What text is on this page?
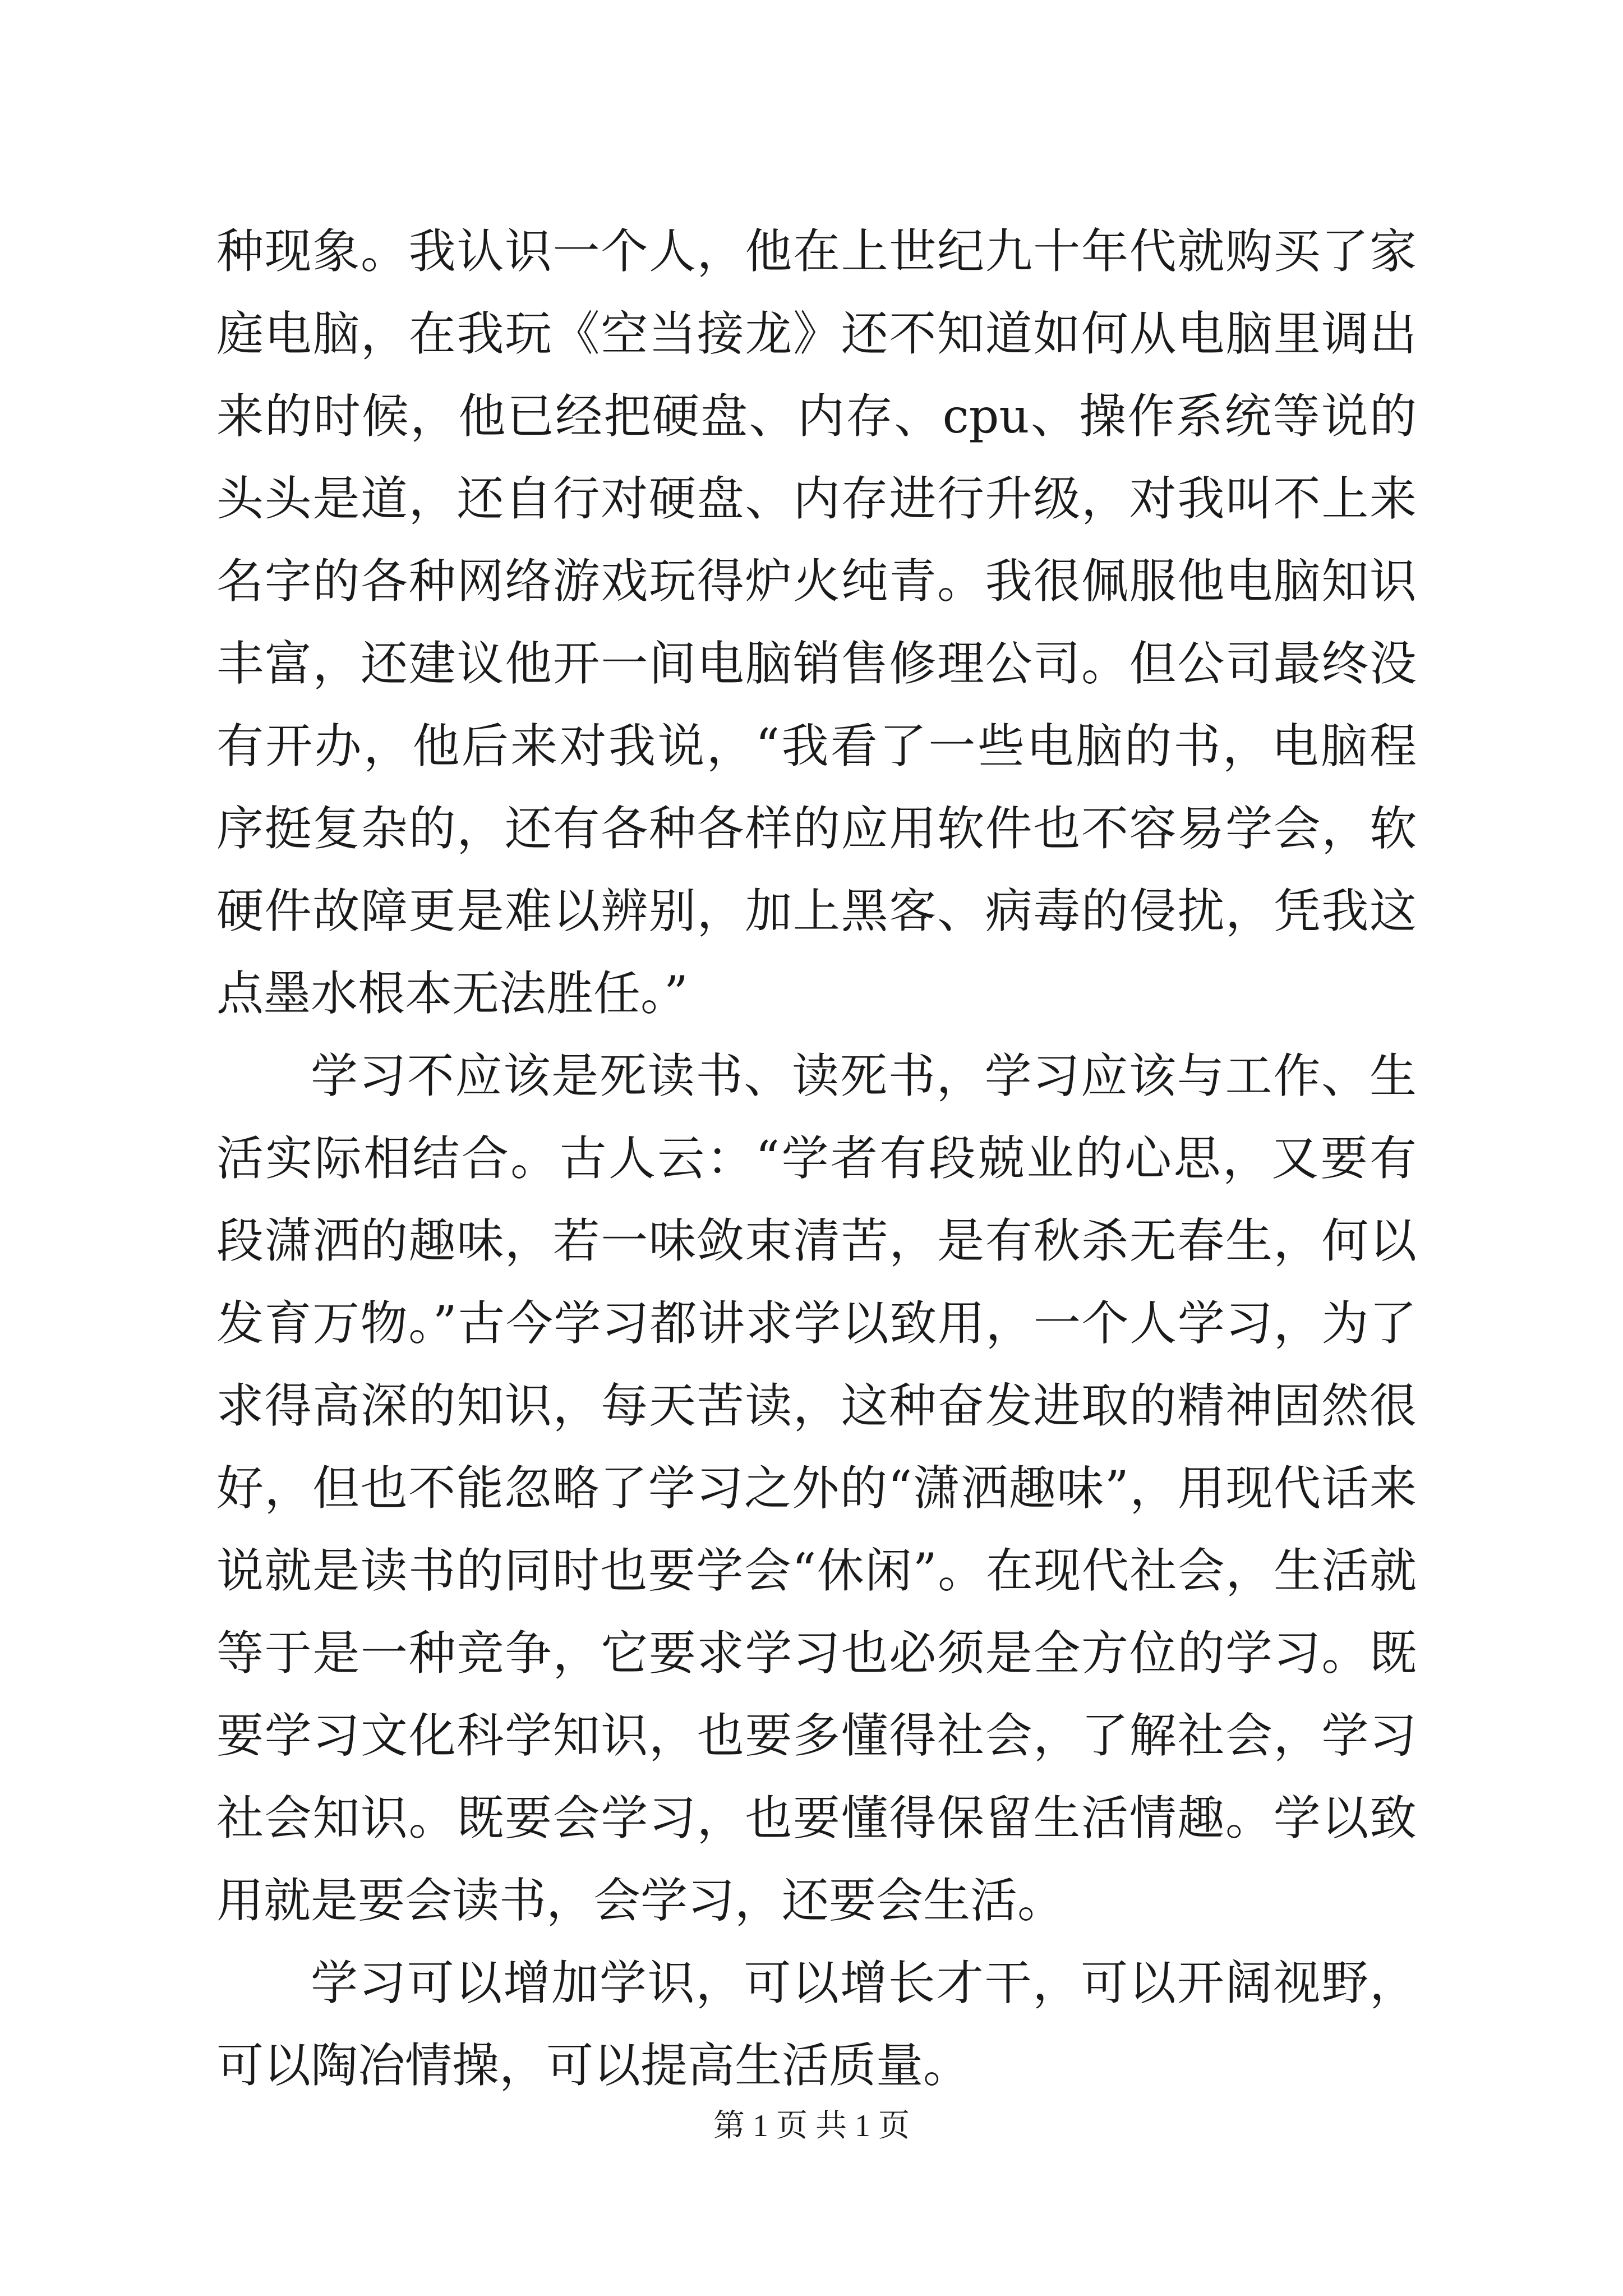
种现象。我认识一个人，他在上世纪九十年代就购买了家庭电脑，在我玩《空当接龙》还不知道如何从电脑里调出来的时候，他已经把硬盘、内存、cpu、操作系统等说的头头是道，还自行对硬盘、内存进行升级，对我叫不上来名字的各种网络游戏玩得炉火纯青。我很佩服他电脑知识丰富，还建议他开一间电脑销售修理公司。但公司最终没有开办，他后来对我说，“我看了一些电脑的书，电脑程序挺复杂的，还有各种各样的应用软件也不容易学会，软硬件故障更是难以辨别，加上黑客、病毒的侵扰，凭我这点墨水根本无法胜任。”

学习不应该是死读书、读死书，学习应该与工作、生活实际相结合。古人云：“学者有段兢业的心思，又要有段潇洒的趣味，若一味敛束清苦，是有秋杀无春生，何以发育万物。”古今学习都讲求学以致用，一个人学习，为了求得高深的知识，每天苦读，这种奋发进取的精神固然很好，但也不能忽略了学习之外的“潇洒趣味”，用现代话来说就是读书的同时也要学会“休闲”。在现代社会，生活就等于是一种竞争，它要求学习也必须是全方位的学习。既要学习文化科学知识，也要多懂得社会，了解社会，学习社会知识。既要会学习，也要懂得保留生活情趣。学以致用就是要会读书，会学习，还要会生活。

学习可以增加学识，可以增长才干，可以开阔视野，可以陶冶情操，可以提高生活质量。

第 1 页 共 1 页
